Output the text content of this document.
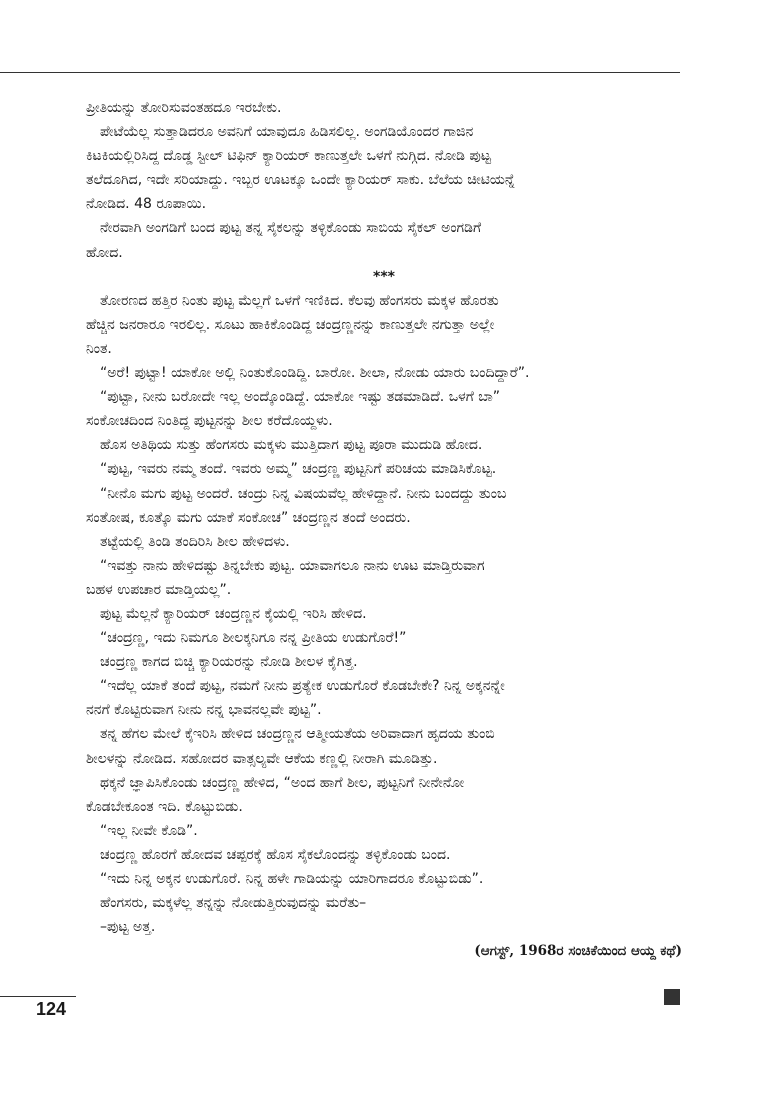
ಪ್ರೀತಿಯನ್ನು ತೋರಿಸುವಂತಹದೂ ಇರಬೇಕು.
ಪೇಟೆಯೆಲ್ಲ ಸುತ್ತಾಡಿದರೂ ಅವನಿಗೆ ಯಾವುದೂ ಹಿಡಿಸಲಿಲ್ಲ. ಅಂಗಡಿಯೊಂದರ ಗಾಜಿನ
ಕಿಟಕಿಯಲ್ಲಿರಿಸಿದ್ದ ದೊಡ್ಡ ಸ್ಟೀಲ್ ಟಿಫಿನ್ ಕ್ಯಾರಿಯರ್ ಕಾಣುತ್ತಲೇ ಒಳಗೆ ನುಗ್ಗಿದ. ನೋಡಿ ಪುಟ್ಟ
ತಲೆದೂಗಿದ, ಇದೇ ಸರಿಯಾದ್ದು. ಇಬ್ಬರ ಊಟಕ್ಕೂ ಒಂದೇ ಕ್ಯಾರಿಯರ್ ಸಾಕು. ಬೆಲೆಯ ಚೀಟಿಯನ್ನೆ
ನೋಡಿದ. 48 ರೂಪಾಯಿ.
ನೇರವಾಗಿ ಅಂಗಡಿಗೆ ಬಂದ ಪುಟ್ಟ ತನ್ನ ಸೈಕಲನ್ನು ತಳ್ಳಿಕೊಂಡು ಸಾಬಿಯ ಸೈಕಲ್ ಅಂಗಡಿಗೆ
ಹೋದ.
***
ತೋರಣದ ಹತ್ತಿರ ನಿಂತು ಪುಟ್ಟ ಮೆಲ್ಲಗೆ ಒಳಗೆ ಇಣಿಕಿದ. ಕೆಲವು ಹೆಂಗಸರು ಮಕ್ಕಳ ಹೊರತು
ಹೆಚ್ಚಿನ ಜನರಾರೂ ಇರಲಿಲ್ಲ. ಸೂಟು ಹಾಕಿಕೊಂಡಿದ್ದ ಚಂದ್ರಣ್ಣನನ್ನು ಕಾಣುತ್ತಲೇ ನಗುತ್ತಾ ಅಲ್ಲೇ
ನಿಂತ.
“ಅರೆ! ಪುಟ್ಟಾ! ಯಾಕೋ ಅಲ್ಲಿ ನಿಂತುಕೊಂಡಿದ್ದಿ. ಬಾರೋ. ಶೀಲಾ, ನೋಡು ಯಾರು ಬಂದಿದ್ದಾರೆ”.
“ಪುಟ್ಟಾ, ನೀನು ಬರೋದೇ ಇಲ್ಲ ಅಂದ್ಕೊಂಡಿದ್ದೆ. ಯಾಕೋ ಇಷ್ಟು ತಡಮಾಡಿದೆ. ಒಳಗೆ ಬಾ”
ಸಂಕೋಚದಿಂದ ನಿಂತಿದ್ದ ಪುಟ್ಟನನ್ನು ಶೀಲ ಕರೆದೊಯ್ದಳು.
ಹೊಸ ಅತಿಥಿಯ ಸುತ್ತು ಹೆಂಗಸರು ಮಕ್ಕಳು ಮುತ್ತಿದಾಗ ಪುಟ್ಟ ಪೂರಾ ಮುದುಡಿ ಹೋದ.
“ಪುಟ್ಟ, ಇವರು ನಮ್ಮ ತಂದೆ. ಇವರು ಅಮ್ಮ” ಚಂದ್ರಣ್ಣ ಪುಟ್ಟನಿಗೆ ಪರಿಚಯ ಮಾಡಿಸಿಕೊಟ್ಟ.
“ನೀನೊ ಮಗು ಪುಟ್ಟ ಅಂದರೆ. ಚಂದ್ರು ನಿನ್ನ ವಿಷಯವೆಲ್ಲ ಹೇಳಿದ್ದಾನೆ. ನೀನು ಬಂದದ್ದು ತುಂಬ
ಸಂತೋಷ, ಕೂತ್ಕೊ ಮಗು ಯಾಕೆ ಸಂಕೋಚ” ಚಂದ್ರಣ್ಣನ ತಂದೆ ಅಂದರು.
ತಟ್ಟೆಯಲ್ಲಿ ತಿಂಡಿ ತಂದಿರಿಸಿ ಶೀಲ ಹೇಳಿದಳು.
“ಇವತ್ತು ನಾನು ಹೇಳಿದಷ್ಟು ತಿನ್ನಬೇಕು ಪುಟ್ಟ. ಯಾವಾಗಲೂ ನಾನು ಊಟ ಮಾಡ್ತಿರುವಾಗ
ಬಹಳ ಉಪಚಾರ ಮಾಡ್ತಿಯಲ್ಲ”.
ಪುಟ್ಟ ಮೆಲ್ಲನೆ ಕ್ಯಾರಿಯರ್ ಚಂದ್ರಣ್ಣನ ಕೈಯಲ್ಲಿ ಇರಿಸಿ ಹೇಳಿದ.
“ಚಂದ್ರಣ್ಣ, ಇದು ನಿಮಗೂ ಶೀಲಕ್ಕನಿಗೂ ನನ್ನ ಪ್ರೀತಿಯ ಉಡುಗೊರೆ!”
ಚಂದ್ರಣ್ಣ ಕಾಗದ ಬಿಚ್ಚಿ ಕ್ಯಾರಿಯರನ್ನು ನೋಡಿ ಶೀಲಳ ಕೈಗಿತ್ತ.
“ಇದೆಲ್ಲ ಯಾಕೆ ತಂದೆ ಪುಟ್ಟ, ನಮಗೆ ನೀನು ಪ್ರತ್ಯೇಕ ಉಡುಗೊರೆ ಕೊಡಬೇಕೇ? ನಿನ್ನ ಅಕ್ಕನನ್ನೇ
ನನಗೆ ಕೊಟ್ಟಿರುವಾಗ ನೀನು ನನ್ನ ಭಾವನಲ್ಲವೇ ಪುಟ್ಟ”.
ತನ್ನ ಹೆಗಲ ಮೇಲೆ ಕೈಇರಿಸಿ ಹೇಳಿದ ಚಂದ್ರಣ್ಣನ ಆತ್ಮೀಯತೆಯ ಅರಿವಾದಾಗ ಹೃದಯ ತುಂಬಿ
ಶೀಲಳನ್ನು ನೋಡಿದ. ಸಹೋದರ ವಾತ್ಸಲ್ಯವೇ ಆಕೆಯ ಕಣ್ಣಲ್ಲಿ ನೀರಾಗಿ ಮೂಡಿತ್ತು.
ಥಕ್ಕನೆ ಜ್ಞಾಪಿಸಿಕೊಂಡು ಚಂದ್ರಣ್ಣ ಹೇಳಿದ, “ಅಂದ ಹಾಗೆ ಶೀಲ, ಪುಟ್ಟನಿಗೆ ನೀನೇನೋ
ಕೊಡಬೇಕೂಂತ ಇದಿ. ಕೊಟ್ಟುಬಿಡು.
“ಇಲ್ಲ ನೀವೇ ಕೊಡಿ”.
ಚಂದ್ರಣ್ಣ ಹೊರಗೆ ಹೋದವ ಚಪ್ಪರಕ್ಕೆ ಹೊಸ ಸೈಕಲೊಂದನ್ನು ತಳ್ಳಿಕೊಂಡು ಬಂದ.
“ಇದು ನಿನ್ನ ಅಕ್ಕನ ಉಡುಗೊರೆ. ನಿನ್ನ ಹಳೇ ಗಾಡಿಯನ್ನು ಯಾರಿಗಾದರೂ ಕೊಟ್ಟುಬಿಡು”.
ಹೆಂಗಸರು, ಮಕ್ಕಳೆಲ್ಲ ತನ್ನನ್ನು ನೋಡುತ್ತಿರುವುದನ್ನು ಮರೆತು–
–ಪುಟ್ಟ ಅತ್ತ.
(ಆಗಸ್ಟ್, 1968ರ ಸಂಚಿಕೆಯಿಂದ ಆಯ್ದ ಕಥೆ)
124
